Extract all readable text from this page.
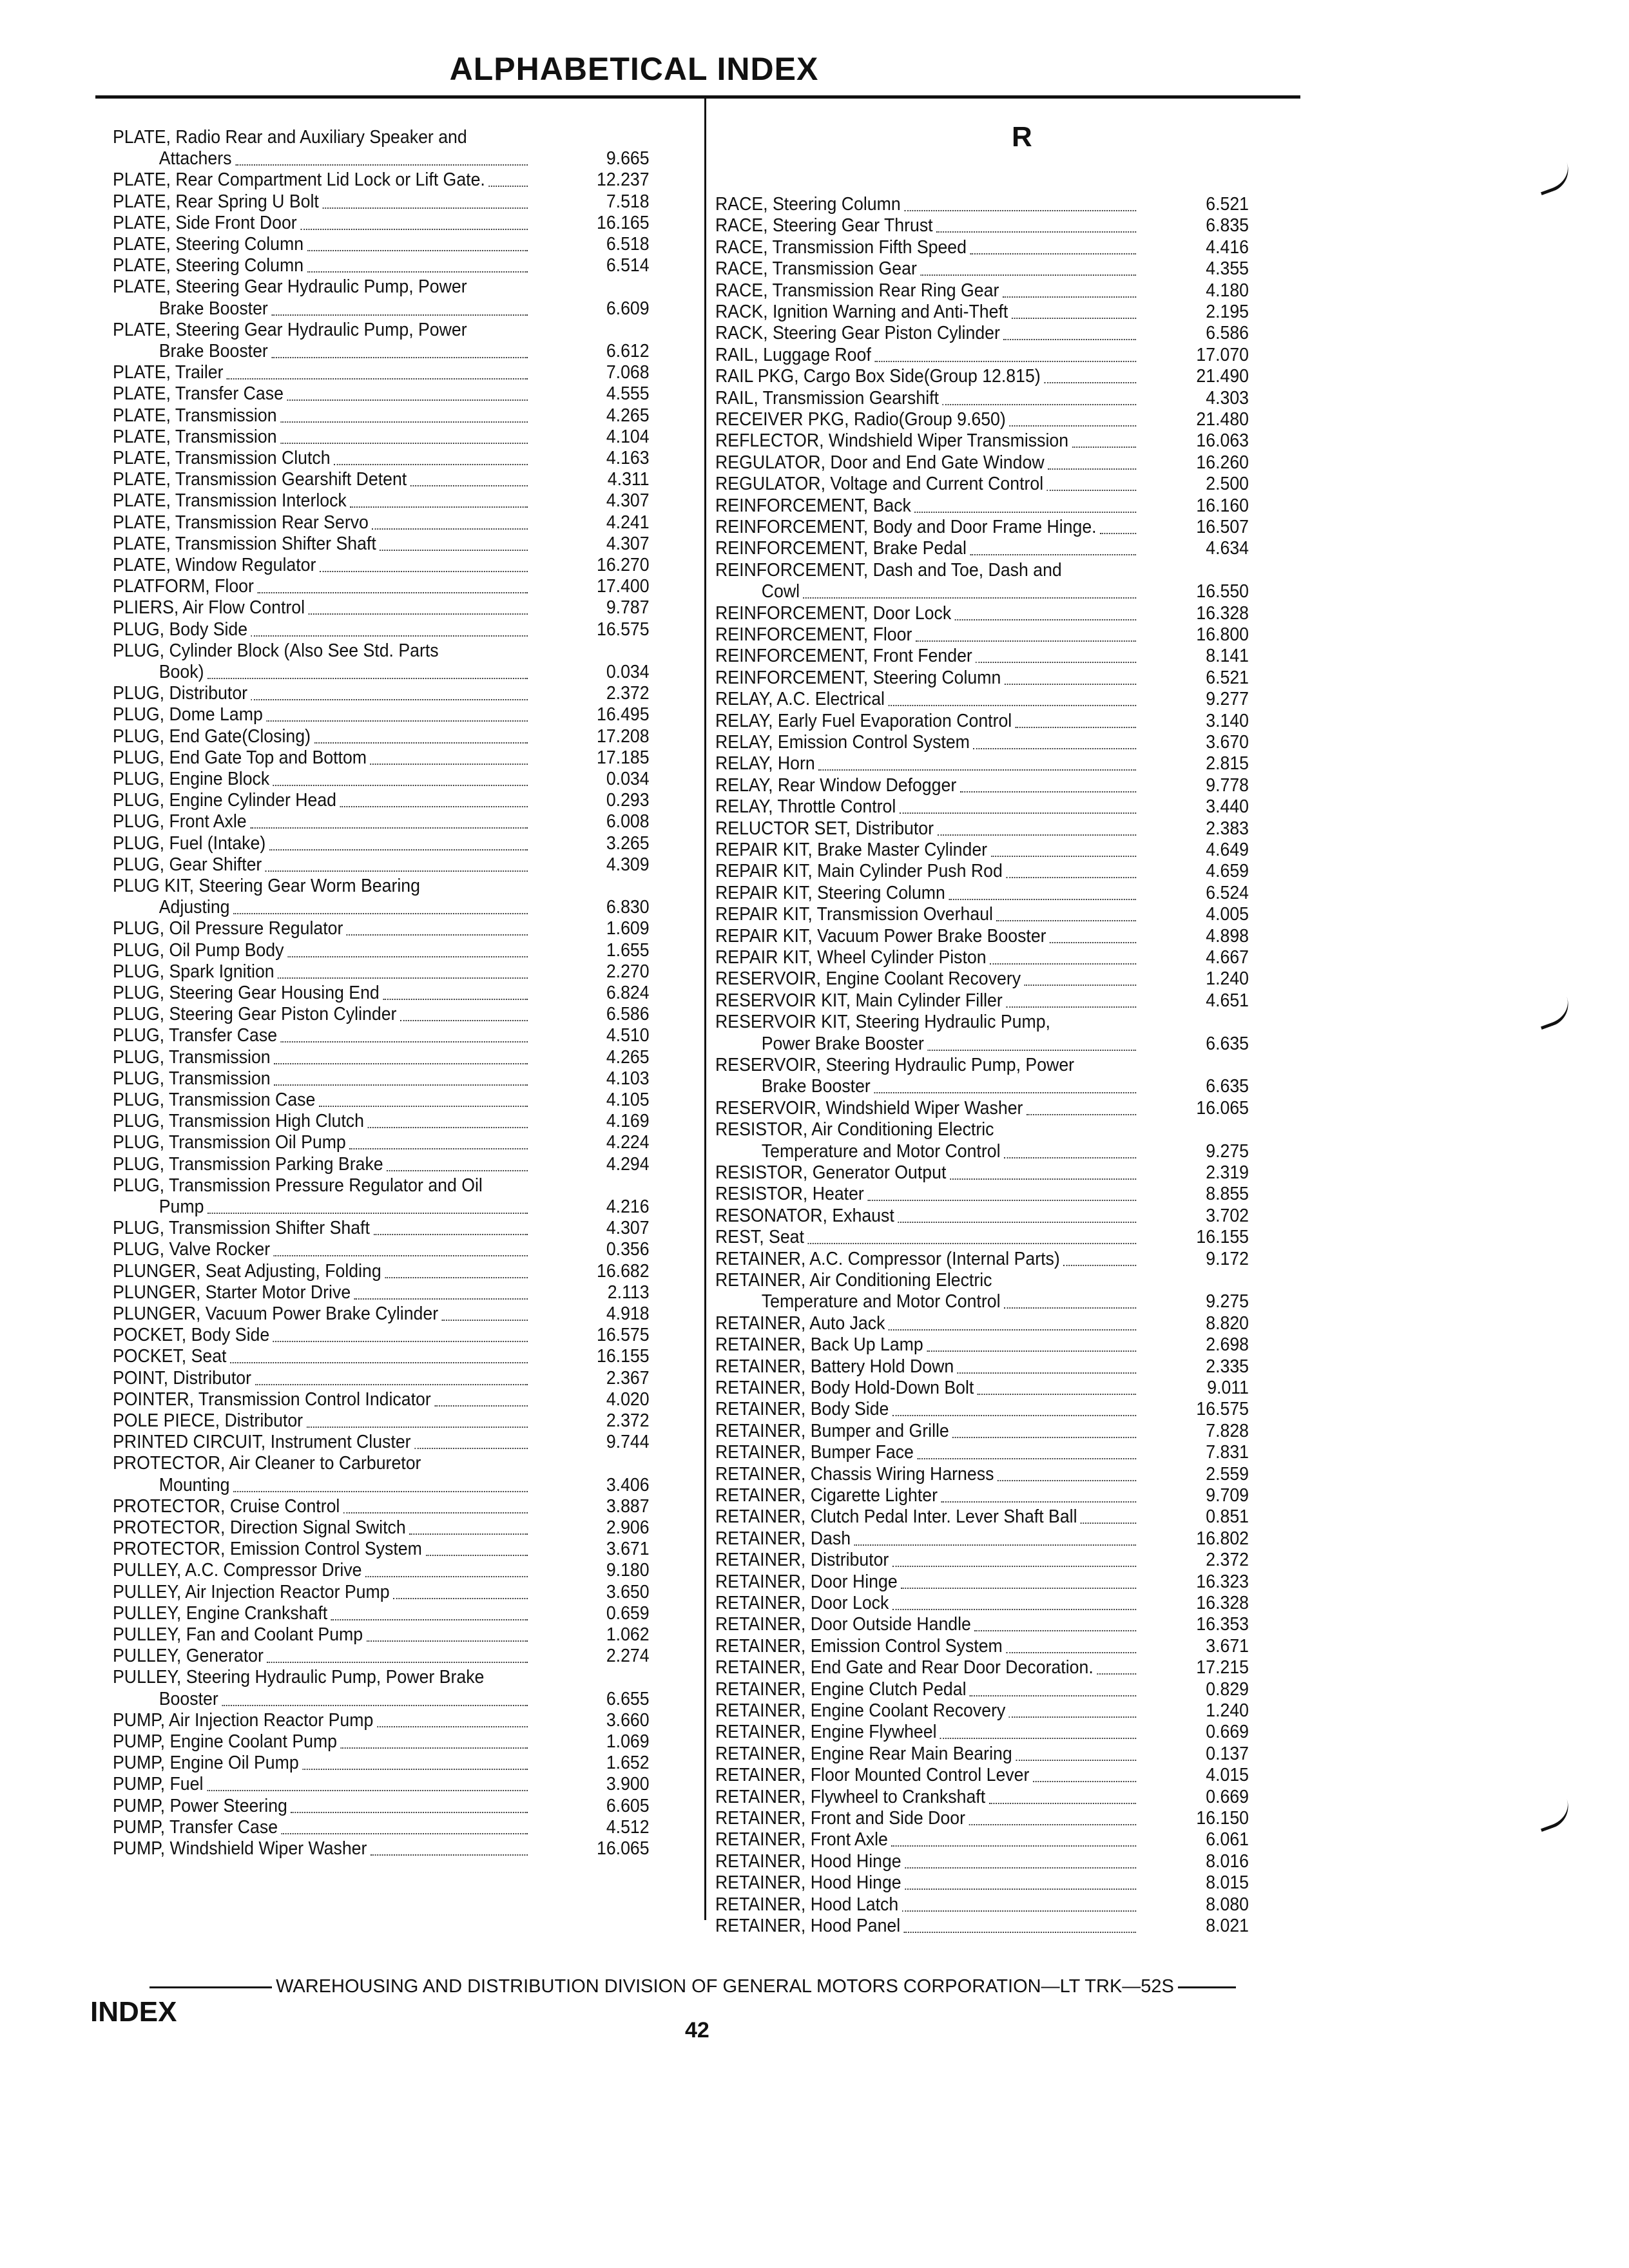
ALPHABETICAL INDEX
PLATE, Radio Rear and Auxiliary Speaker and
Attachers	9.665
PLATE, Rear Compartment Lid Lock or Lift Gate.	12.237
PLATE, Rear Spring U Bolt	7.518
PLATE, Side Front Door	16.165
PLATE, Steering Column	6.518
PLATE, Steering Column	6.514
PLATE, Steering Gear Hydraulic Pump, Power
Brake Booster	6.609
PLATE, Steering Gear Hydraulic Pump, Power
Brake Booster	6.612
PLATE, Trailer	7.068
PLATE, Transfer Case	4.555
PLATE, Transmission	4.265
PLATE, Transmission	4.104
PLATE, Transmission Clutch	4.163
PLATE, Transmission Gearshift Detent	4.311
PLATE, Transmission Interlock	4.307
PLATE, Transmission Rear Servo	4.241
PLATE, Transmission Shifter Shaft	4.307
PLATE, Window Regulator	16.270
PLATFORM, Floor	17.400
PLIERS, Air Flow Control	9.787
PLUG, Body Side	16.575
PLUG, Cylinder Block (Also See Std. Parts
Book)	0.034
PLUG, Distributor	2.372
PLUG, Dome Lamp	16.495
PLUG, End Gate(Closing)	17.208
PLUG, End Gate Top and Bottom	17.185
PLUG, Engine Block	0.034
PLUG, Engine Cylinder Head	0.293
PLUG, Front Axle	6.008
PLUG, Fuel (Intake)	3.265
PLUG, Gear Shifter	4.309
PLUG KIT, Steering Gear Worm Bearing
Adjusting	6.830
PLUG, Oil Pressure Regulator	1.609
PLUG, Oil Pump Body	1.655
PLUG, Spark Ignition	2.270
PLUG, Steering Gear Housing End	6.824
PLUG, Steering Gear Piston Cylinder	6.586
PLUG, Transfer Case	4.510
PLUG, Transmission	4.265
PLUG, Transmission	4.103
PLUG, Transmission Case	4.105
PLUG, Transmission High Clutch	4.169
PLUG, Transmission Oil Pump	4.224
PLUG, Transmission Parking Brake	4.294
PLUG, Transmission Pressure Regulator and Oil
Pump	4.216
PLUG, Transmission Shifter Shaft	4.307
PLUG, Valve Rocker	0.356
PLUNGER, Seat Adjusting, Folding	16.682
PLUNGER, Starter Motor Drive	2.113
PLUNGER, Vacuum Power Brake Cylinder	4.918
POCKET, Body Side	16.575
POCKET, Seat	16.155
POINT, Distributor	2.367
POINTER, Transmission Control Indicator	4.020
POLE PIECE, Distributor	2.372
PRINTED CIRCUIT, Instrument Cluster	9.744
PROTECTOR, Air Cleaner to Carburetor
Mounting	3.406
PROTECTOR, Cruise Control	3.887
PROTECTOR, Direction Signal Switch	2.906
PROTECTOR, Emission Control System	3.671
PULLEY, A.C. Compressor Drive	9.180
PULLEY, Air Injection Reactor Pump	3.650
PULLEY, Engine Crankshaft	0.659
PULLEY, Fan and Coolant Pump	1.062
PULLEY, Generator	2.274
PULLEY, Steering Hydraulic Pump, Power Brake
Booster	6.655
PUMP, Air Injection Reactor Pump	3.660
PUMP, Engine Coolant Pump	1.069
PUMP, Engine Oil Pump	1.652
PUMP, Fuel	3.900
PUMP, Power Steering	6.605
PUMP, Transfer Case	4.512
PUMP, Windshield Wiper Washer	16.065
R
RACE, Steering Column	6.521
RACE, Steering Gear Thrust	6.835
RACE, Transmission Fifth Speed	4.416
RACE, Transmission Gear	4.355
RACE, Transmission Rear Ring Gear	4.180
RACK, Ignition Warning and Anti-Theft	2.195
RACK, Steering Gear Piston Cylinder	6.586
RAIL, Luggage Roof	17.070
RAIL PKG, Cargo Box Side(Group 12.815)	21.490
RAIL, Transmission Gearshift	4.303
RECEIVER PKG, Radio(Group 9.650)	21.480
REFLECTOR, Windshield Wiper Transmission	16.063
REGULATOR, Door and End Gate Window	16.260
REGULATOR, Voltage and Current Control	2.500
REINFORCEMENT, Back	16.160
REINFORCEMENT, Body and Door Frame Hinge.	16.507
REINFORCEMENT, Brake Pedal	4.634
REINFORCEMENT, Dash and Toe, Dash and
Cowl	16.550
REINFORCEMENT, Door Lock	16.328
REINFORCEMENT, Floor	16.800
REINFORCEMENT, Front Fender	8.141
REINFORCEMENT, Steering Column	6.521
RELAY, A.C. Electrical	9.277
RELAY, Early Fuel Evaporation Control	3.140
RELAY, Emission Control System	3.670
RELAY, Horn	2.815
RELAY, Rear Window Defogger	9.778
RELAY, Throttle Control	3.440
RELUCTOR SET, Distributor	2.383
REPAIR KIT, Brake Master Cylinder	4.649
REPAIR KIT, Main Cylinder Push Rod	4.659
REPAIR KIT, Steering Column	6.524
REPAIR KIT, Transmission Overhaul	4.005
REPAIR KIT, Vacuum Power Brake Booster	4.898
REPAIR KIT, Wheel Cylinder Piston	4.667
RESERVOIR, Engine Coolant Recovery	1.240
RESERVOIR KIT, Main Cylinder Filler	4.651
RESERVOIR KIT, Steering Hydraulic Pump,
Power Brake Booster	6.635
RESERVOIR, Steering Hydraulic Pump, Power
Brake Booster	6.635
RESERVOIR, Windshield Wiper Washer	16.065
RESISTOR, Air Conditioning Electric
Temperature and Motor Control	9.275
RESISTOR, Generator Output	2.319
RESISTOR, Heater	8.855
RESONATOR, Exhaust	3.702
REST, Seat	16.155
RETAINER, A.C. Compressor (Internal Parts)	9.172
RETAINER, Air Conditioning Electric
Temperature and Motor Control	9.275
RETAINER, Auto Jack	8.820
RETAINER, Back Up Lamp	2.698
RETAINER, Battery Hold Down	2.335
RETAINER, Body Hold-Down Bolt	9.011
RETAINER, Body Side	16.575
RETAINER, Bumper and Grille	7.828
RETAINER, Bumper Face	7.831
RETAINER, Chassis Wiring Harness	2.559
RETAINER, Cigarette Lighter	9.709
RETAINER, Clutch Pedal Inter. Lever Shaft Ball	0.851
RETAINER, Dash	16.802
RETAINER, Distributor	2.372
RETAINER, Door Hinge	16.323
RETAINER, Door Lock	16.328
RETAINER, Door Outside Handle	16.353
RETAINER, Emission Control System	3.671
RETAINER, End Gate and Rear Door Decoration.	17.215
RETAINER, Engine Clutch Pedal	0.829
RETAINER, Engine Coolant Recovery	1.240
RETAINER, Engine Flywheel	0.669
RETAINER, Engine Rear Main Bearing	0.137
RETAINER, Floor Mounted Control Lever	4.015
RETAINER, Flywheel to Crankshaft	0.669
RETAINER, Front and Side Door	16.150
RETAINER, Front Axle	6.061
RETAINER, Hood Hinge	8.016
RETAINER, Hood Hinge	8.015
RETAINER, Hood Latch	8.080
RETAINER, Hood Panel	8.021
WAREHOUSING AND DISTRIBUTION DIVISION OF GENERAL MOTORS CORPORATION—LT TRK—52S
INDEX
42
